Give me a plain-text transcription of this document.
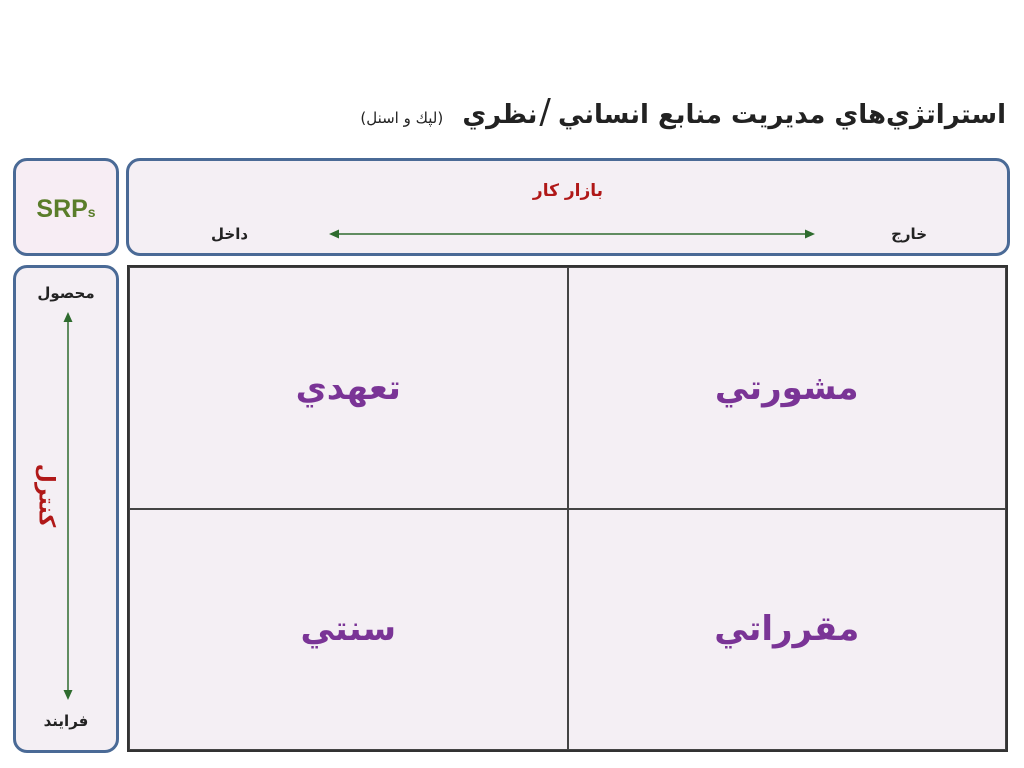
استراتژي‌هاي مديريت منابع انساني /نظري (لپك و اسنل)
SRPs
بازار كار
داخل	خارج
محصول
كنترل
فرايند
تعهدي	مشورتي
سنتي	مقرراتي
